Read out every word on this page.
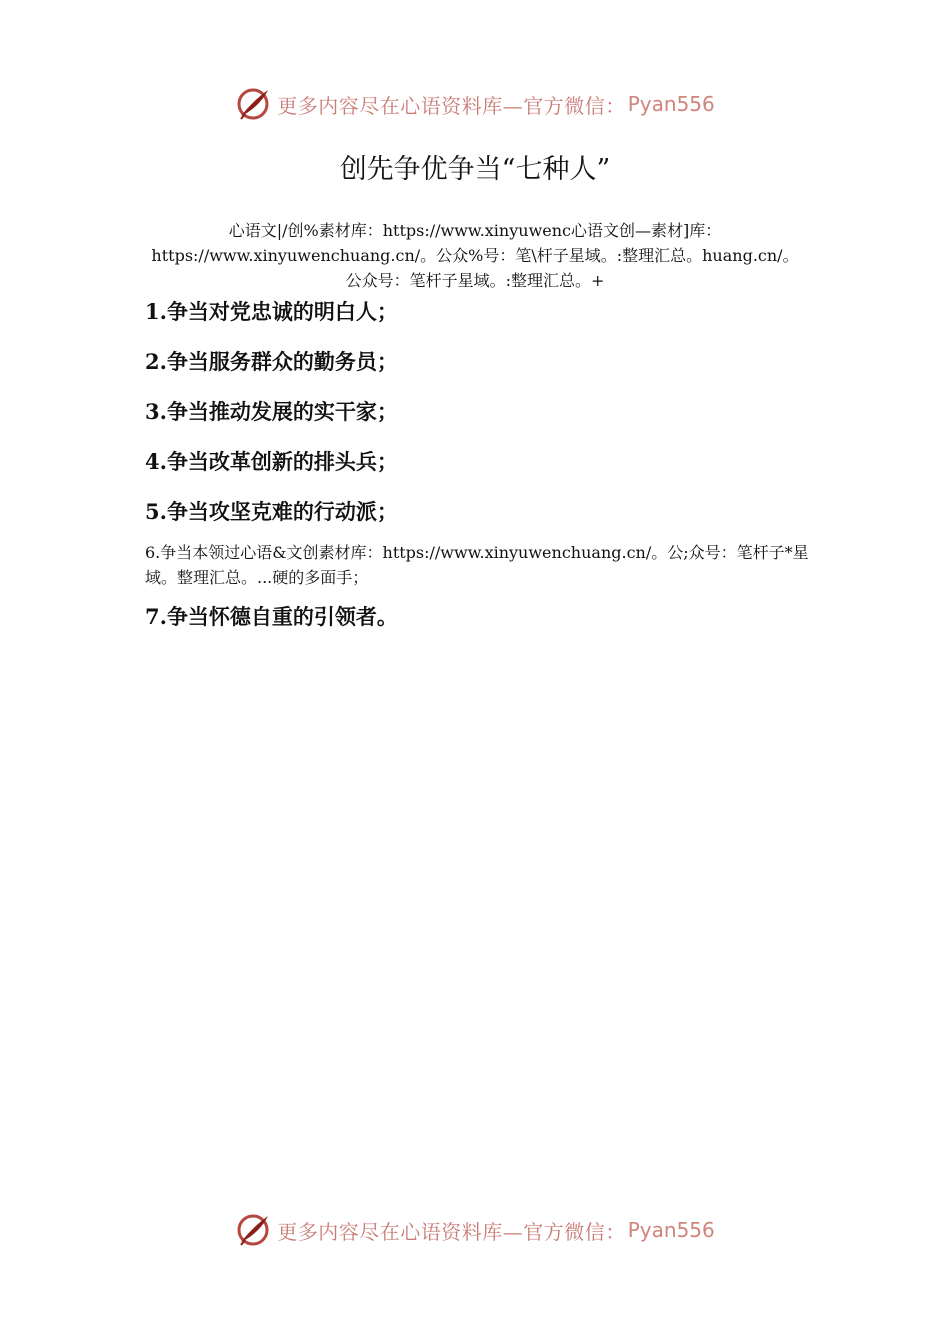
更多内容尽在心语资料库—官方微信： Pyan556
创先争优争当“七种人”

心语文|/创%素材库：https://www.xinyuwenc心语文创—素材]库：https://www.xinyuwenchuang.cn/。公众%号：笔\杆子星域。:整理汇总。huang.cn/。公众号：笔杆子星域。:整理汇总。+

1.争当对党忠诚的明白人；
2.争当服务群众的勤务员；
3.争当推动发展的实干家；
4.争当改革创新的排头兵；
5.争当攻坚克难的行动派；
6.争当本领过心语&文创素材库：https://www.xinyuwenchuang.cn/。公;众号：笔杆子*星域。整理汇总。...硬的多面手；
7.争当怀德自重的引领者。
更多内容尽在心语资料库—官方微信： Pyan556
